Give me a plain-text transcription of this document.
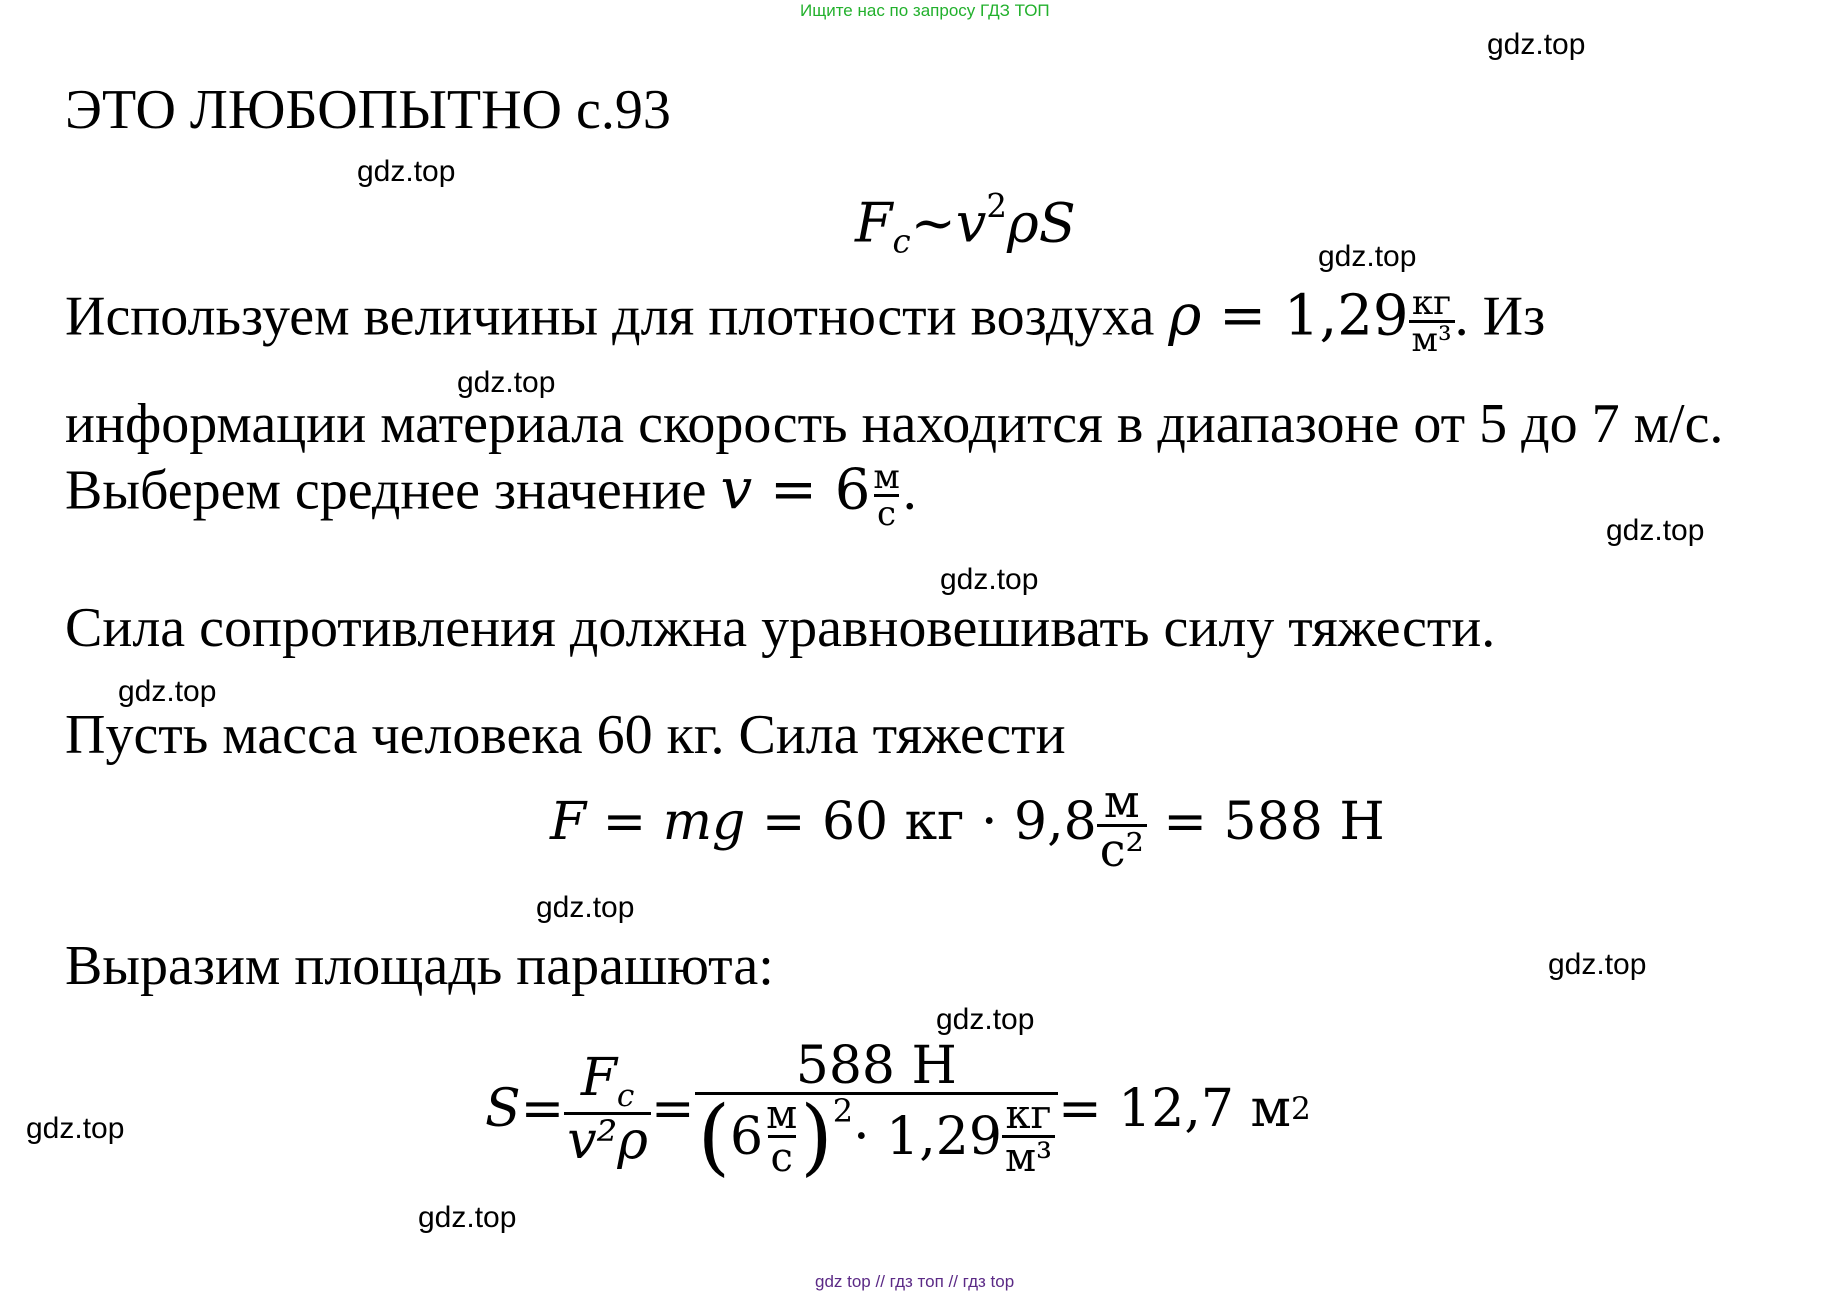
Ищите нас по запросу ГДЗ ТОП
gdz top // гдз топ // гдз top
gdz.top
gdz.top
gdz.top
gdz.top
gdz.top
gdz.top
gdz.top
gdz.top
gdz.top
gdz.top
gdz.top
gdz.top
ЭТО ЛЮБОПЫТНО с.93
$F_c\sim v^2\rho S$
Используем величины для плотности воздуха $\rho = 1,29 \frac{кг}{\text{м³}}$ . Из
информации материала скорость находится в диапазоне от 5 до 7 м/с.
Выберем среднее значение $v = 6 \frac{м}{с}$ .
Сила сопротивления должна уравновешивать силу тяжести.
Пусть масса человека 60 кг. Сила тяжести
F = mg = 60 кг · $9,8 \frac{м}{\text{с²}} = 588$ Н
Выразим площадь парашюта:
$S = \frac{F_c}{\text{v²ρ}} = \frac{588 Н}{( 6 \frac{м}{с} ) 2 \cdot 1,29 \frac{кг}{\text{м³}}} = 12,7$ м 2
